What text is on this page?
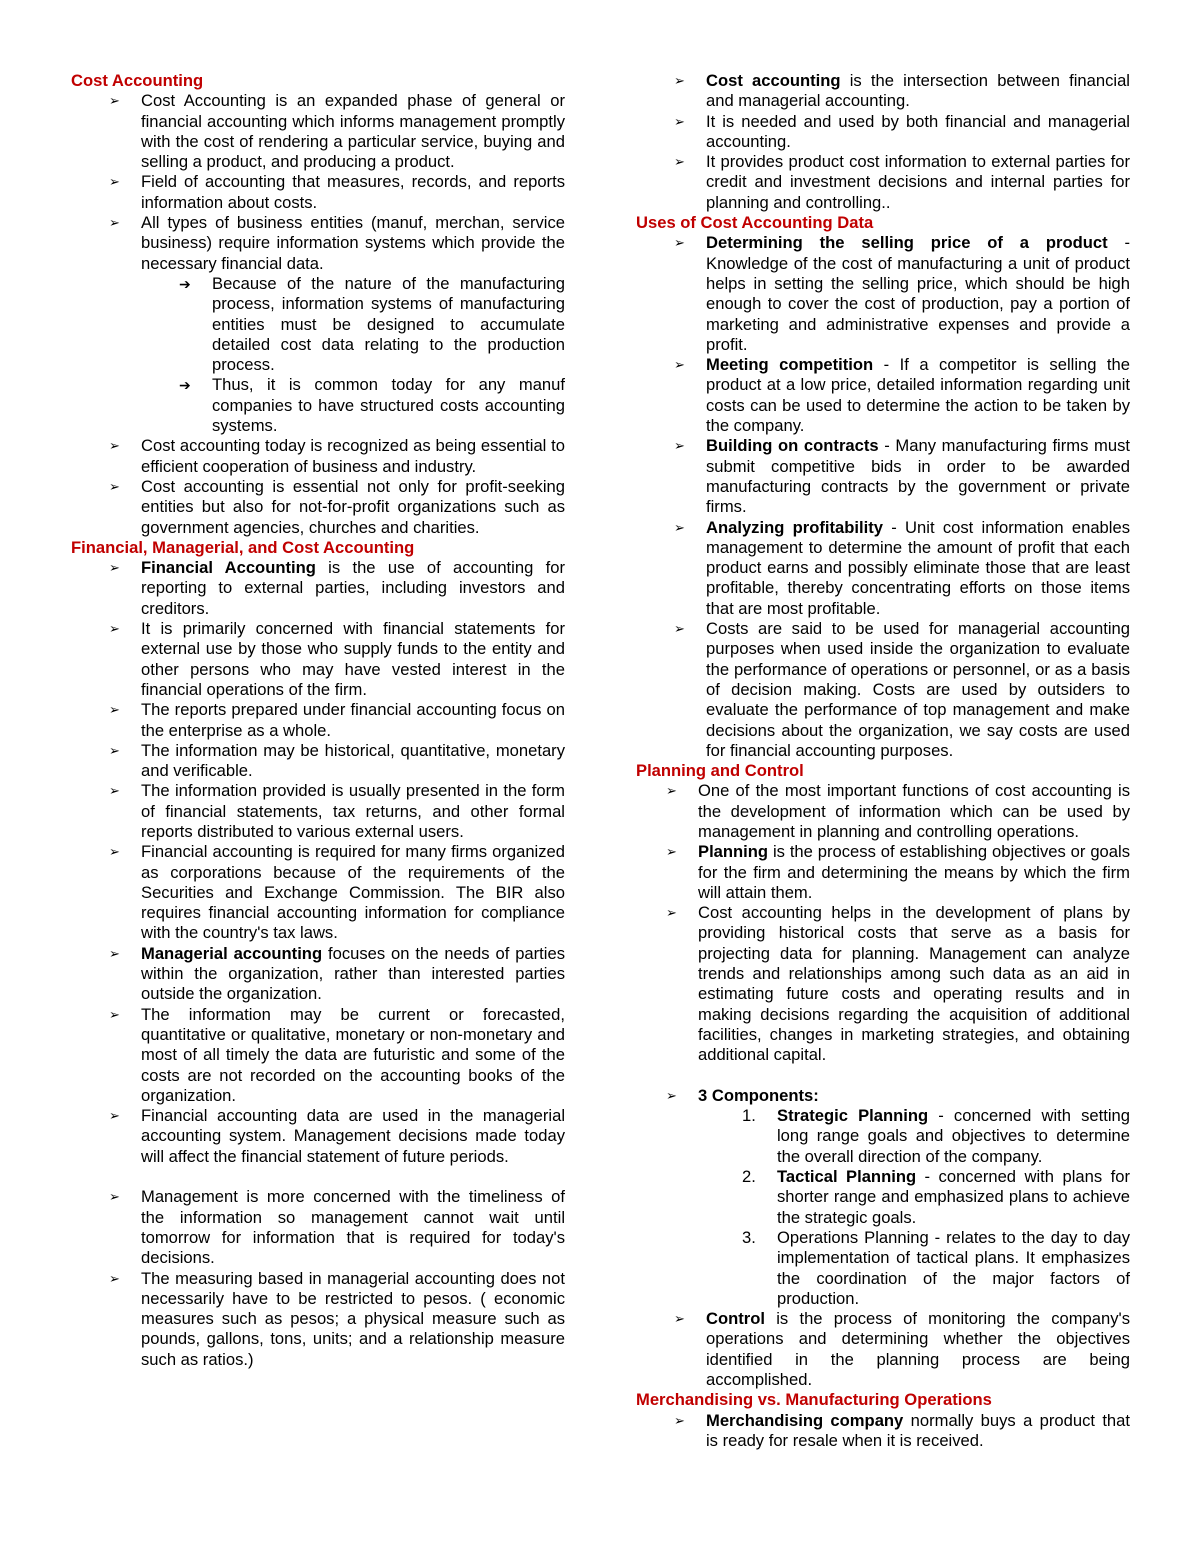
Cost Accounting
➢ Cost Accounting is an expanded phase of general or financial accounting which informs management promptly with the cost of rendering a particular service, buying and selling a product, and producing a product.
➢ Field of accounting that measures, records, and reports information about costs.
➢ All types of business entities (manuf, merchan, service business) require information systems which provide the necessary financial data.
➔ Because of the nature of the manufacturing process, information systems of manufacturing entities must be designed to accumulate detailed cost data relating to the production process.
➔ Thus, it is common today for any manuf companies to have structured costs accounting systems.
➢ Cost accounting today is recognized as being essential to efficient cooperation of business and industry.
➢ Cost accounting is essential not only for profit-seeking entities but also for not-for-profit organizations such as government agencies, churches and charities.
Financial, Managerial, and Cost Accounting
➢ Financial Accounting is the use of accounting for reporting to external parties, including investors and creditors.
➢ It is primarily concerned with financial statements for external use by those who supply funds to the entity and other persons who may have vested interest in the financial operations of the firm.
➢ The reports prepared under financial accounting focus on the enterprise as a whole.
➢ The information may be historical, quantitative, monetary and verificable.
➢ The information provided is usually presented in the form of financial statements, tax returns, and other formal reports distributed to various external users.
➢ Financial accounting is required for many firms organized as corporations because of the requirements of the Securities and Exchange Commission. The BIR also requires financial accounting information for compliance with the country's tax laws.
➢ Managerial accounting focuses on the needs of parties within the organization, rather than interested parties outside the organization.
➢ The information may be current or forecasted, quantitative or qualitative, monetary or non-monetary and most of all timely the data are futuristic and some of the costs are not recorded on the accounting books of the organization.
➢ Financial accounting data are used in the managerial accounting system. Management decisions made today will affect the financial statement of future periods.
➢ Management is more concerned with the timeliness of the information so management cannot wait until tomorrow for information that is required for today's decisions.
➢ The measuring based in managerial accounting does not necessarily have to be restricted to pesos. ( economic measures such as pesos; a physical measure such as pounds, gallons, tons, units; and a relationship measure such as ratios.)
➢ Cost accounting is the intersection between financial and managerial accounting.
➢ It is needed and used by both financial and managerial accounting.
➢ It provides product cost information to external parties for credit and investment decisions and internal parties for planning and controlling..
Uses of Cost Accounting Data
➢ Determining the selling price of a product - Knowledge of the cost of manufacturing a unit of product helps in setting the selling price, which should be high enough to cover the cost of production, pay a portion of marketing and administrative expenses and provide a profit.
➢ Meeting competition - If a competitor is selling the product at a low price, detailed information regarding unit costs can be used to determine the action to be taken by the company.
➢ Building on contracts - Many manufacturing firms must submit competitive bids in order to be awarded manufacturing contracts by the government or private firms.
➢ Analyzing profitability - Unit cost information enables management to determine the amount of profit that each product earns and possibly eliminate those that are least profitable, thereby concentrating efforts on those items that are most profitable.
➢ Costs are said to be used for managerial accounting purposes when used inside the organization to evaluate the performance of operations or personnel, or as a basis of decision making. Costs are used by outsiders to evaluate the performance of top management and make decisions about the organization, we say costs are used for financial accounting purposes.
Planning and Control
➢ One of the most important functions of cost accounting is the development of information which can be used by management in planning and controlling operations.
➢ Planning is the process of establishing objectives or goals for the firm and determining the means by which the firm will attain them.
➢ Cost accounting helps in the development of plans by providing historical costs that serve as a basis for projecting data for planning. Management can analyze trends and relationships among such data as an aid in estimating future costs and operating results and in making decisions regarding the acquisition of additional facilities, changes in marketing strategies, and obtaining additional capital.
➢ 3 Components:
1. Strategic Planning - concerned with setting long range goals and objectives to determine the overall direction of the company.
2. Tactical Planning - concerned with plans for shorter range and emphasized plans to achieve the strategic goals.
3. Operations Planning - relates to the day to day implementation of tactical plans. It emphasizes the coordination of the major factors of production.
➢ Control is the process of monitoring the company's operations and determining whether the objectives identified in the planning process are being accomplished.
Merchandising vs. Manufacturing Operations
➢ Merchandising company normally buys a product that is ready for resale when it is received.
